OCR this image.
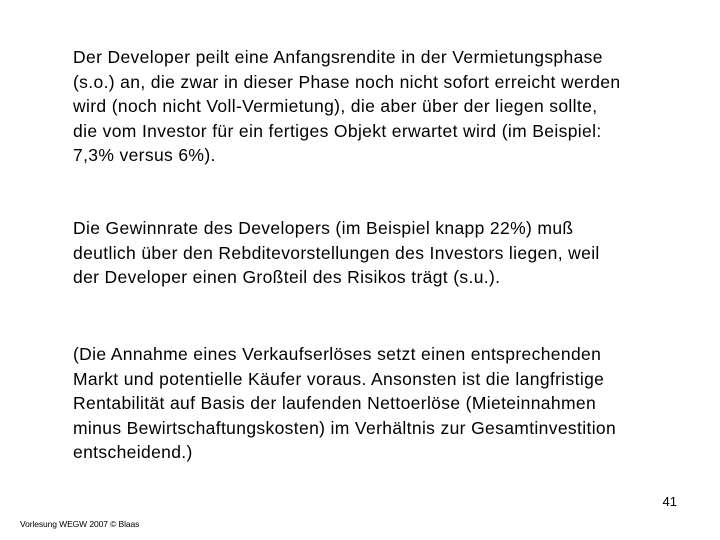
Der Developer peilt eine Anfangsrendite in der Vermietungsphase
(s.o.) an, die zwar in dieser Phase noch nicht sofort erreicht werden
wird (noch nicht Voll-Vermietung), die aber über der liegen sollte,
die vom Investor für ein fertiges Objekt erwartet wird (im Beispiel:
7,3% versus 6%).

Die Gewinnrate des Developers (im Beispiel knapp 22%) muß
deutlich über den Rebditevorstellungen des Investors liegen, weil
der Developer einen Großteil des Risikos trägt (s.u.).

(Die Annahme eines Verkaufserlöses setzt einen entsprechenden
Markt und potentielle Käufer voraus. Ansonsten ist die langfristige
Rentabilität auf Basis der laufenden Nettoerlöse (Mieteinnahmen
minus Bewirtschaftungskosten) im Verhältnis zur Gesamtinvestition
entscheidend.)

41
Vorlesung WEGW 2007 © Blaas
